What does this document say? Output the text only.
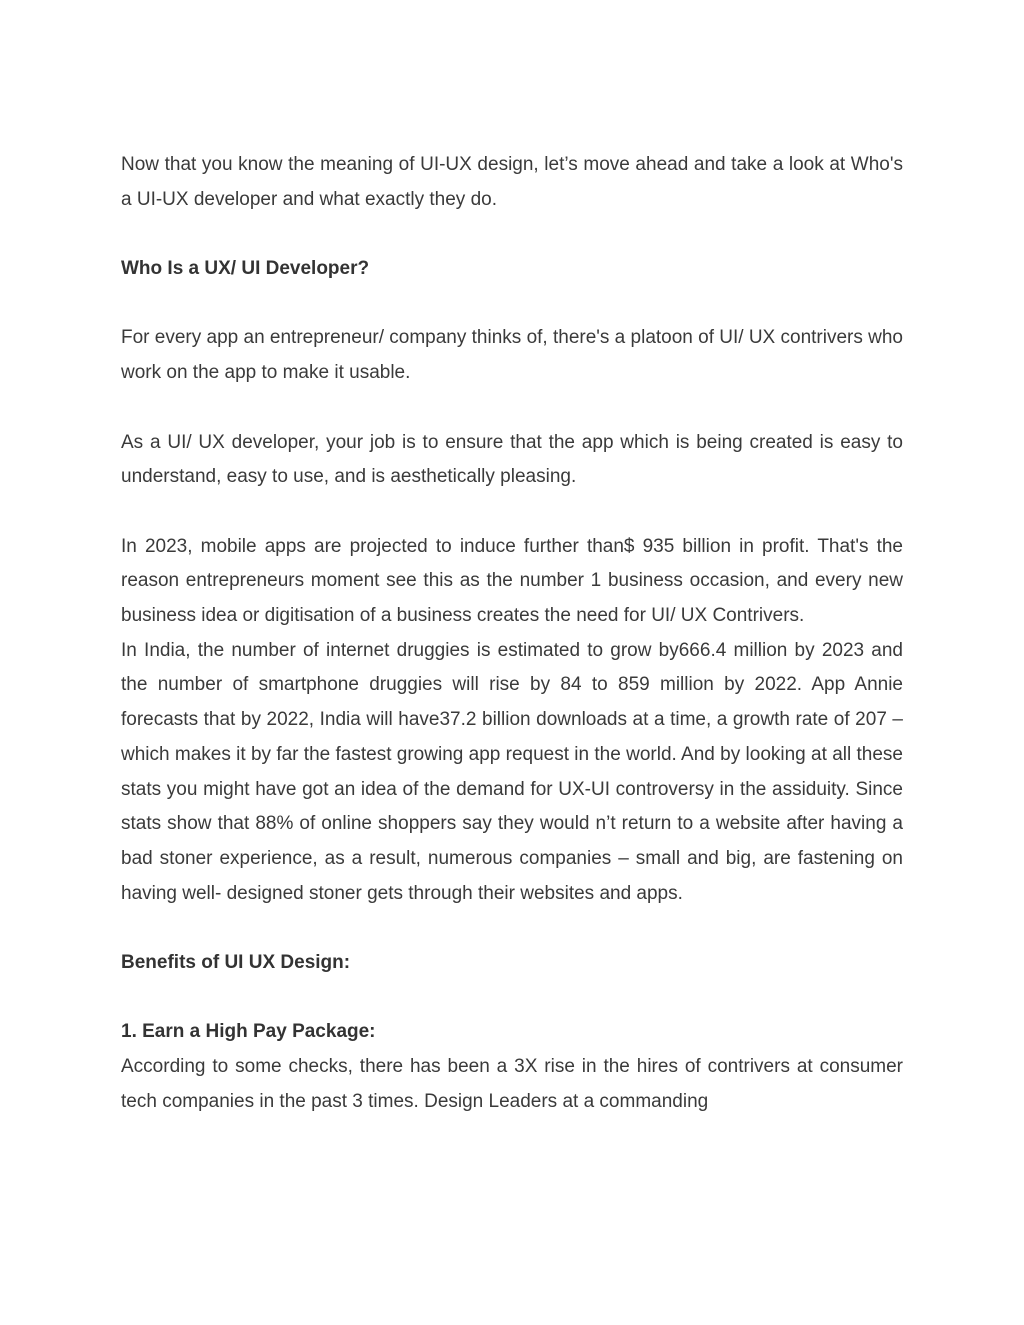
Now that you know the meaning of UI-UX design, let’s move ahead and take a look at Who's a UI-UX developer and what exactly they do.

Who Is a UX/ UI Developer?

For every app an entrepreneur/ company thinks of, there's a platoon of UI/ UX contrivers who work on the app to make it usable.

As a UI/ UX developer, your job is to ensure that the app which is being created is easy to understand, easy to use, and is aesthetically pleasing.

In 2023, mobile apps are projected to induce further than$ 935 billion in profit. That's the reason entrepreneurs moment see this as the number 1 business occasion, and every new business idea or digitisation of a business creates the need for UI/ UX Contrivers.

In India, the number of internet druggies is estimated to grow by666.4 million by 2023 and the number of smartphone druggies will rise by 84 to 859 million by 2022. App Annie forecasts that by 2022, India will have37.2 billion downloads at a time, a growth rate of 207 – which makes it by far the fastest growing app request in the world. And by looking at all these stats you might have got an idea of the demand for UX-UI controversy in the assiduity. Since stats show that 88% of online shoppers say they would n’t return to a website after having a bad stoner experience, as a result, numerous companies – small and big, are fastening on having well- designed stoner gets through their websites and apps.

Benefits of UI UX Design:

1. Earn a High Pay Package:

According to some checks, there has been a 3X rise in the hires of contrivers at consumer tech companies in the past 3 times. Design Leaders at a commanding
